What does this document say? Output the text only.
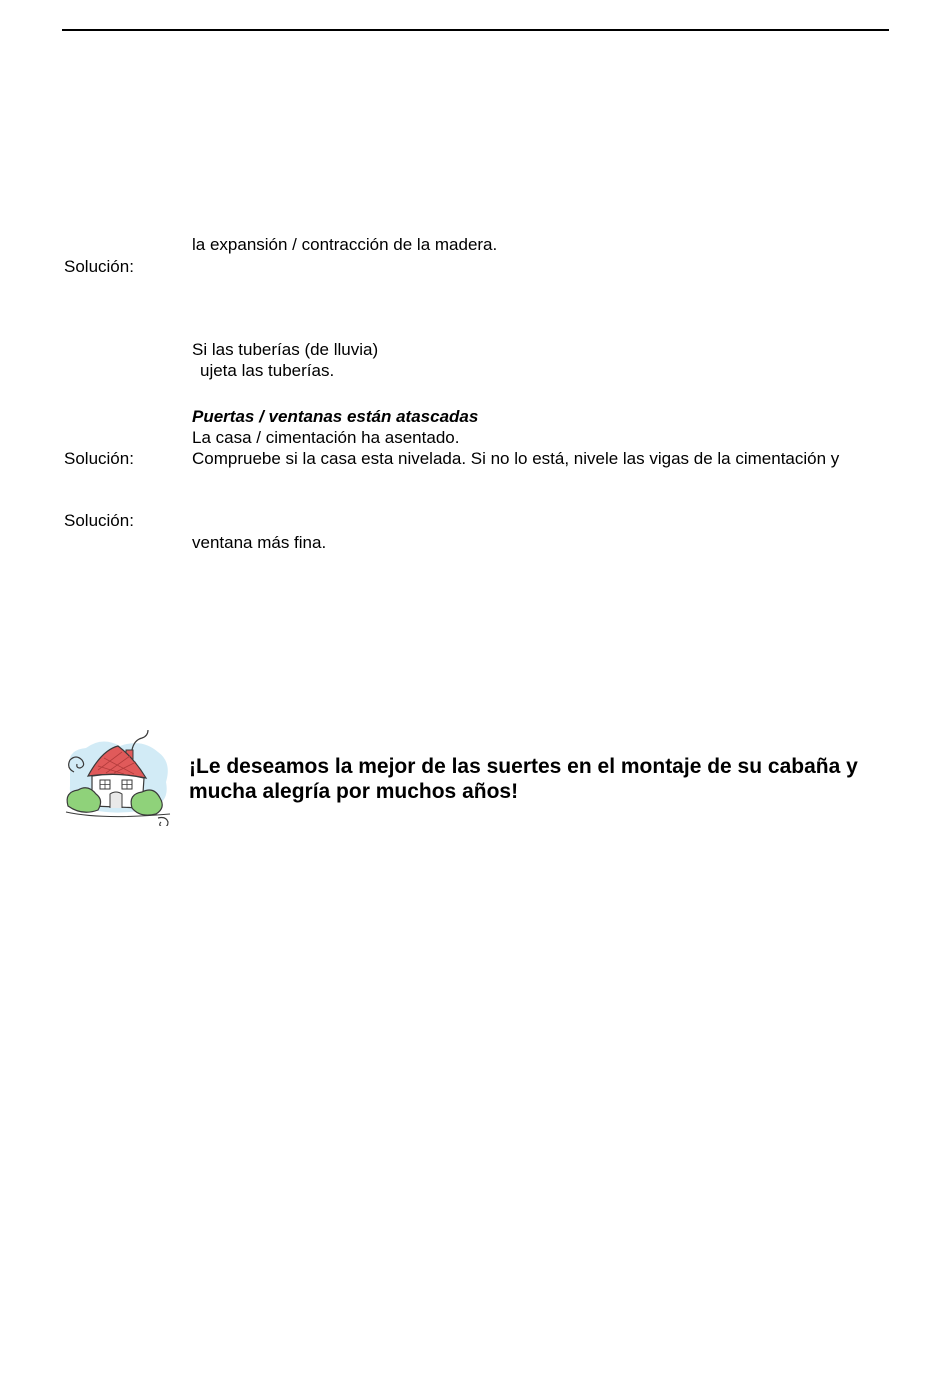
la expansión / contracción de la madera.
Solución:
Si las tuberías (de lluvia)
ujeta las tuberías.
Puertas / ventanas están atascadas
La casa / cimentación ha asentado.
Solución:	Compruebe si la casa esta nivelada. Si no lo está, nivele las vigas de la cimentación y
Solución:
ventana más fina.
¡Le deseamos la mejor de las suertes en el montaje de su cabaña y
mucha alegría por muchos años!
